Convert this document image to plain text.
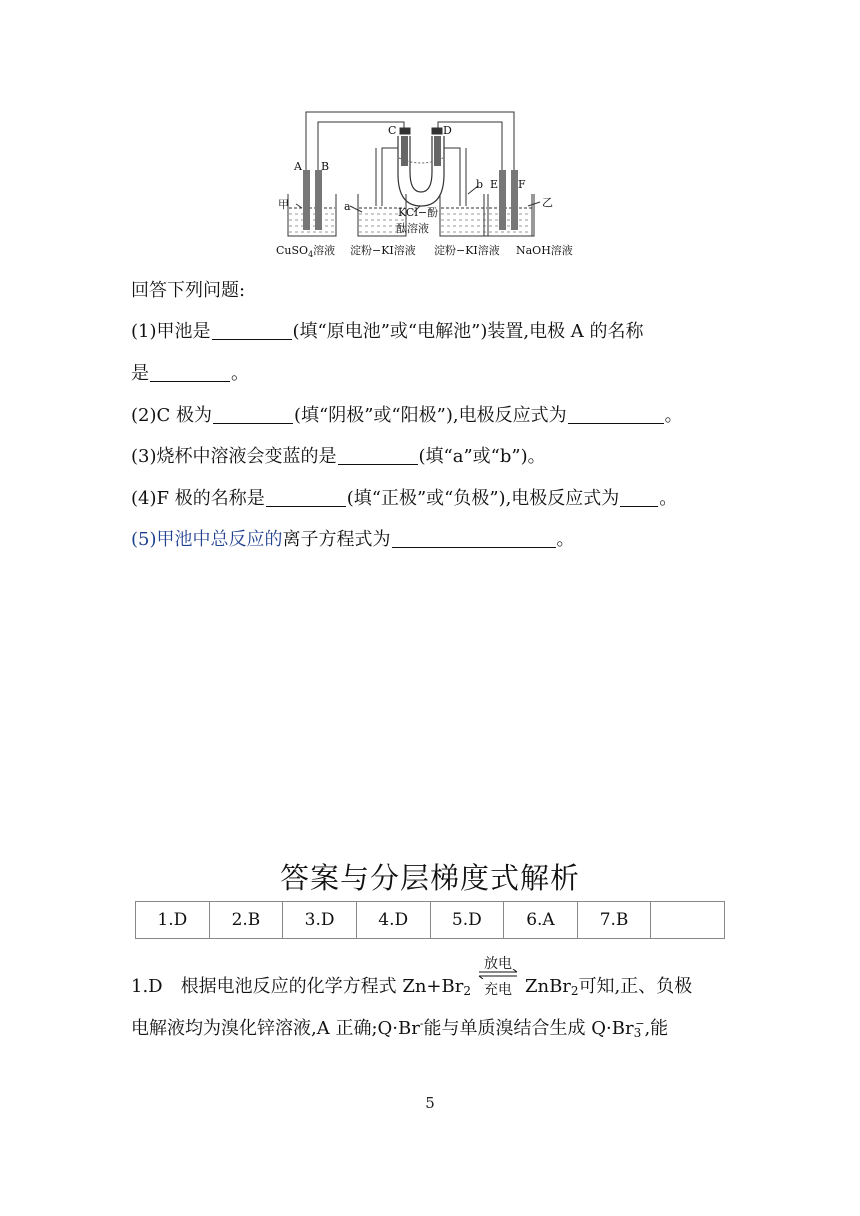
A B
C	D
E F
a
b
甲	乙
KCl−酚
酞溶液
CuSO$_4$溶液 淀粉−KI溶液 淀粉−KI溶液 NaOH溶液
回答下列问题:
(1)甲池是	(填“原电池”或“电解池”)装置,电极 A 的名称
是	。
(2)C 极为	(填“阴极”或“阳极”),电极反应式为	。
(3)烧杯中溶液会变蓝的是	(填“a”或“b”)。
(4)F 极的名称是	(填“正极”或“负极”),电极反应式为 。
(5)甲池中总反应的离子方程式为	。
答案与分层梯度式解析
1.D	2.B	3.D	4.D	5.D	6.A	7.B	
1.D　根据电池反应的化学方程式 $Zn+Br_2$
放电
充电 ZnBr$_2$可知,正、负极
电解液均为溴化锌溶液,A 正确;Q·Br-能与单质溴结合生成 $Q\cdot Br_3^-$,能
5
